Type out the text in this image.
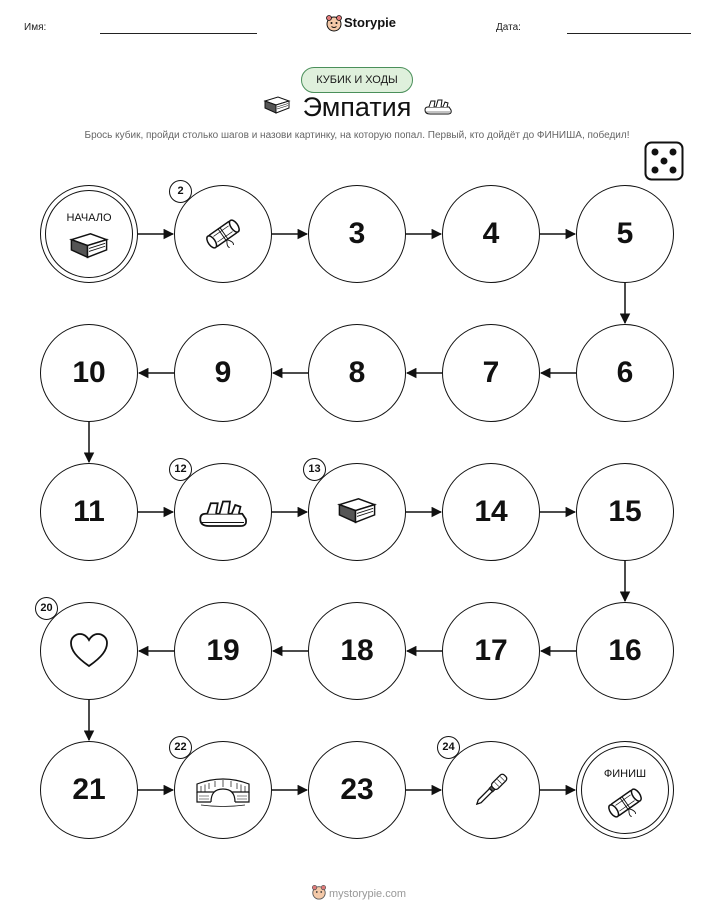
Имя:	Storypie	Дата:
КУБИК И ХОДЫ
Эмпатия
Брось кубик, пройди столько шагов и назови картинку, на которую попал. Первый, кто дойдёт до ФИНИША, победил!
НАЧАЛО
2
3	4	5
6
7
8
9
10
11
12	13
14	15
16
17
18
19
20
21
22
23
24
ФИНИШ
mystorypie.com
